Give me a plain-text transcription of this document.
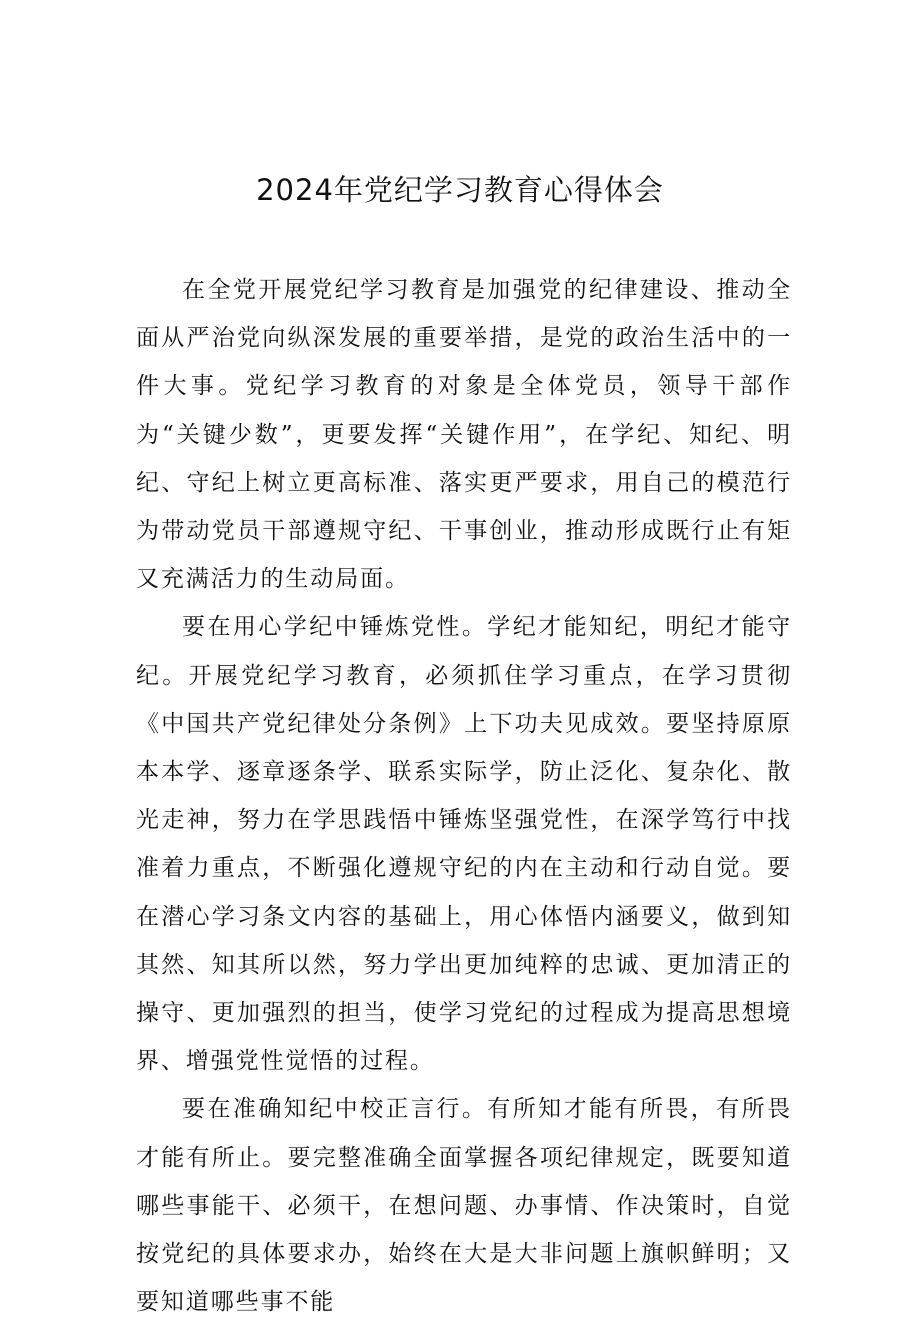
2024年党纪学习教育心得体会

在全党开展党纪学习教育是加强党的纪律建设、推动全面从严治党向纵深发展的重要举措，是党的政治生活中的一件大事。党纪学习教育的对象是全体党员，领导干部作为“关键少数”，更要发挥“关键作用”，在学纪、知纪、明纪、守纪上树立更高标准、落实更严要求，用自己的模范行为带动党员干部遵规守纪、干事创业，推动形成既行止有矩又充满活力的生动局面。

要在用心学纪中锤炼党性。学纪才能知纪，明纪才能守纪。开展党纪学习教育，必须抓住学习重点，在学习贯彻《中国共产党纪律处分条例》上下功夫见成效。要坚持原原本本学、逐章逐条学、联系实际学，防止泛化、复杂化、散光走神，努力在学思践悟中锤炼坚强党性，在深学笃行中找准着力重点，不断强化遵规守纪的内在主动和行动自觉。要在潜心学习条文内容的基础上，用心体悟内涵要义，做到知其然、知其所以然，努力学出更加纯粹的忠诚、更加清正的操守、更加强烈的担当，使学习党纪的过程成为提高思想境界、增强党性觉悟的过程。

要在准确知纪中校正言行。有所知才能有所畏，有所畏才能有所止。要完整准确全面掌握各项纪律规定，既要知道哪些事能干、必须干，在想问题、办事情、作决策时，自觉按党纪的具体要求办，始终在大是大非问题上旗帜鲜明；又要知道哪些事不能
